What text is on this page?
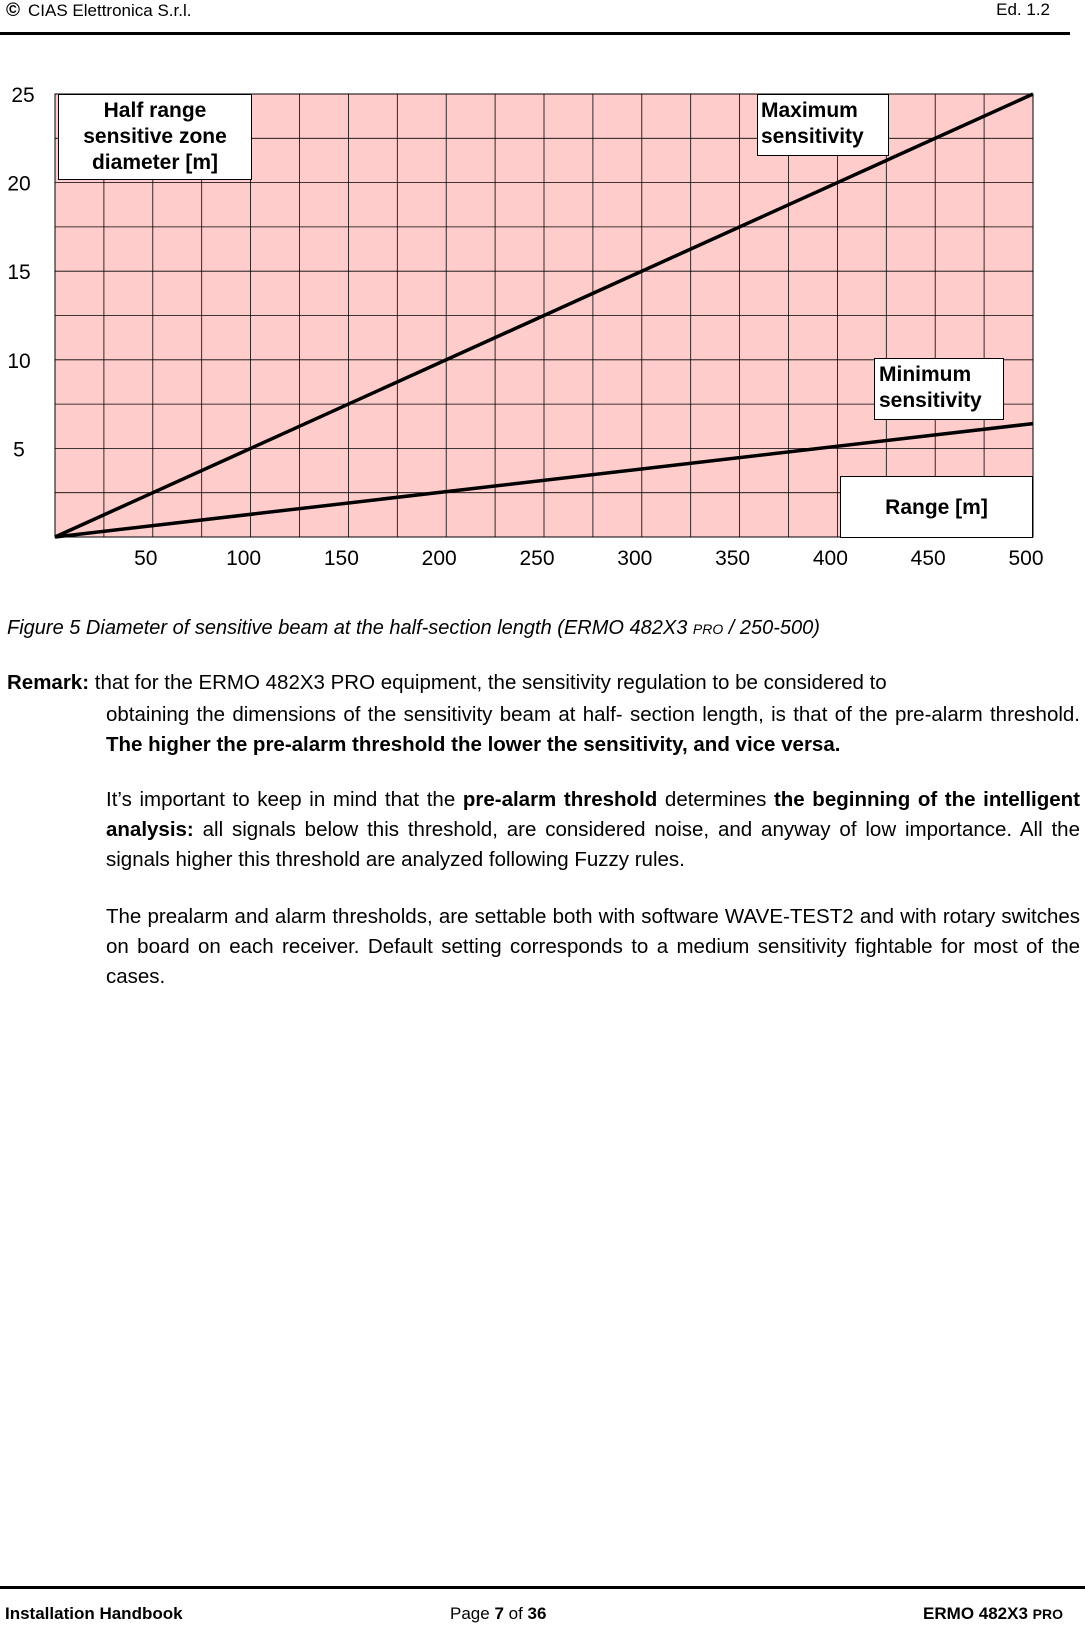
© CIAS Elettronica S.r.l.	Ed. 1.2
50	100	150	200	250	300	350	400	450	500
5
10
15
20
25
Half range
sensitive zone
diameter [m]
Maximum
sensitivity
Minimum
sensitivity
Range [m]
Figure 5 Diameter of sensitive beam at the half-section length (ERMO 482X3 PRO / 250-500)
Remark: that for the ERMO 482X3 PRO equipment, the sensitivity regulation to be considered to
obtaining the dimensions of the sensitivity beam at half- section length, is that of the pre-alarm threshold. The higher the pre-alarm threshold the lower the sensitivity, and vice versa.
It’s important to keep in mind that the pre-alarm threshold determines the beginning of the intelligent analysis: all signals below this threshold, are considered noise, and anyway of low importance. All the signals higher this threshold are analyzed following Fuzzy rules.
The prealarm and alarm thresholds, are settable both with software WAVE-TEST2 and with rotary switches on board on each receiver. Default setting corresponds to a medium sensitivity fightable for most of the cases.
Installation Handbook	Page 7 of 36	ERMO 482X3 PRO
